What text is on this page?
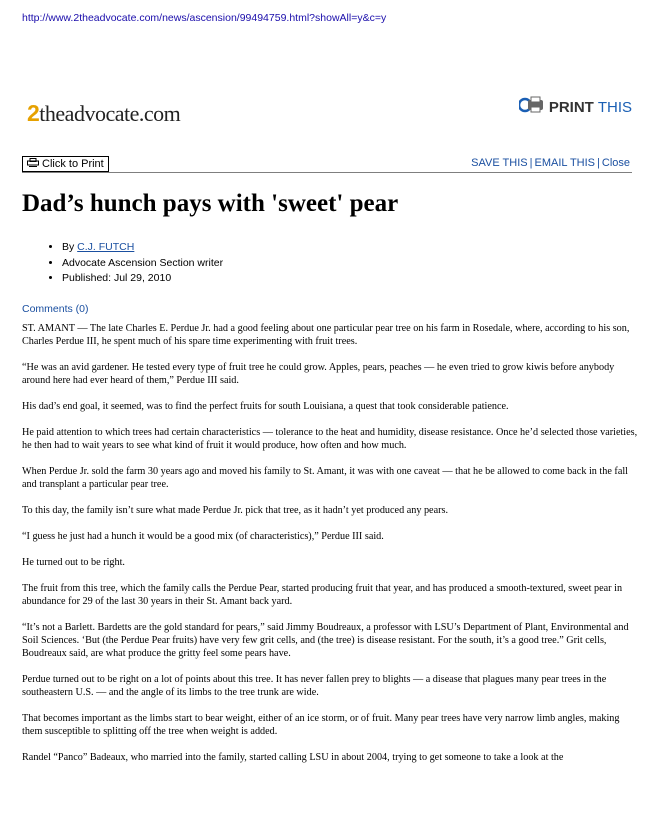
http://www.2theadvocate.com/news/ascension/99494759.html?showAll=y&c=y
2theadvocate.com	PRINT THIS
Click to Print	SAVE THIS | EMAIL THIS | Close
Dad’s hunch pays with 'sweet' pear
• By C.J. FUTCH
• Advocate Ascension Section writer
• Published: Jul 29, 2010
Comments (0)

ST. AMANT — The late Charles E. Perdue Jr. had a good feeling about one particular pear tree on his farm in Rosedale, where, according to his son, Charles Perdue III, he spent much of his spare time experimenting with fruit trees.

“He was an avid gardener. He tested every type of fruit tree he could grow. Apples, pears, peaches — he even tried to grow kiwis before anybody around here had ever heard of them,” Perdue III said.

His dad’s end goal, it seemed, was to find the perfect fruits for south Louisiana, a quest that took considerable patience.

He paid attention to which trees had certain characteristics — tolerance to the heat and humidity, disease resistance. Once he’d selected those varieties, he then had to wait years to see what kind of fruit it would produce, how often and how much.

When Perdue Jr. sold the farm 30 years ago and moved his family to St. Amant, it was with one caveat — that he be allowed to come back in the fall and transplant a particular pear tree.

To this day, the family isn’t sure what made Perdue Jr. pick that tree, as it hadn’t yet produced any pears.

“I guess he just had a hunch it would be a good mix (of characteristics),” Perdue III said.

He turned out to be right.

The fruit from this tree, which the family calls the Perdue Pear, started producing fruit that year, and has produced a smooth-textured, sweet pear in abundance for 29 of the last 30 years in their St. Amant back yard.

“It’s not a Barlett. Bardetts are the gold standard for pears,” said Jimmy Boudreaux, a professor with LSU’s Department of Plant, Environmental and Soil Sciences. ‘But (the Perdue Pear fruits) have very few grit cells, and (the tree) is disease resistant. For the south, it’s a good tree.” Grit cells, Boudreaux said, are what produce the gritty feel some pears have.

Perdue turned out to be right on a lot of points about this tree. It has never fallen prey to blights — a disease that plagues many pear trees in the southeastern U.S. — and the angle of its limbs to the tree trunk are wide.

That becomes important as the limbs start to bear weight, either of an ice storm, or of fruit. Many pear trees have very narrow limb angles, making them susceptible to splitting off the tree when weight is added.

Randel “Panco” Badeaux, who married into the family, started calling LSU in about 2004, trying to get someone to take a look at the
